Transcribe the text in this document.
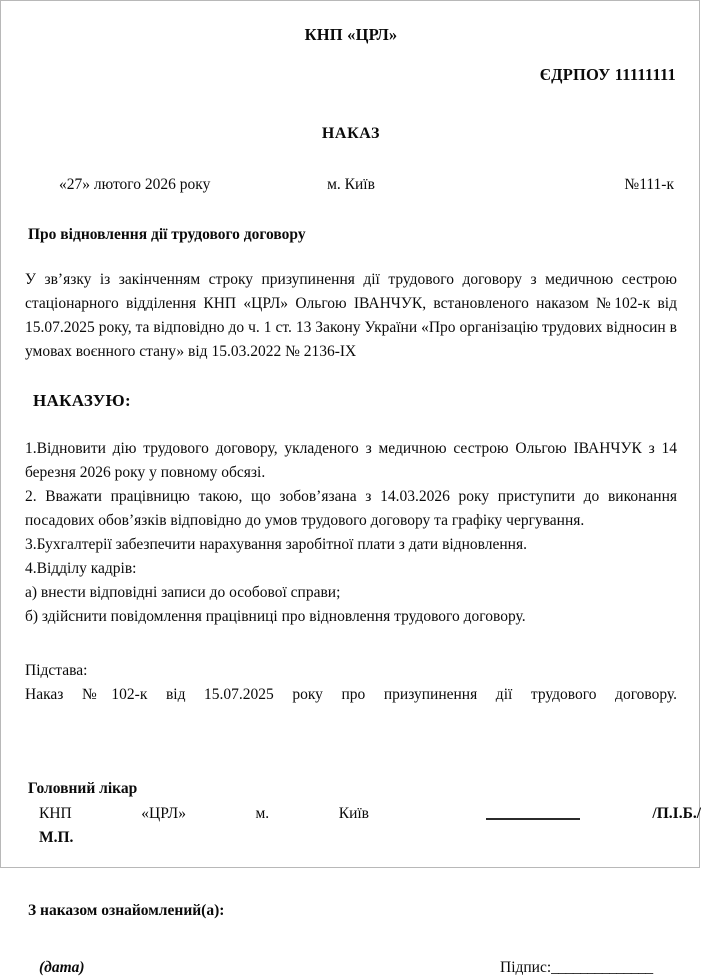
КНП «ЦРЛ»
ЄДРПОУ 11111111
НАКАЗ
«27» лютого 2026 року	м. Київ	№111-к
Про відновлення дії трудового договору

У зв’язку із закінченням строку призупинення дії трудового договору з медичною сестрою стаціонарного відділення КНП «ЦРЛ» Ольгою ІВАНЧУК, встановленого наказом №102-к від 15.07.2025 року, та відповідно до ч. 1 ст. 13 Закону України «Про організацію трудових відносин в умовах воєнного стану» від 15.03.2022 № 2136-IX

НАКАЗУЮ:

1.Відновити дію трудового договору, укладеного з медичною сестрою Ольгою ІВАНЧУК з 14 березня 2026 року у повному обсязі.

2. Вважати працівницю такою, що зобов’язана з 14.03.2026 року приступити до виконання посадових обов’язків відповідно до умов трудового договору та графіку чергування.

3.Бухгалтерії забезпечити нарахування заробітної плати з дати відновлення.

4.Відділу кадрів:

а) внести відповідні записи до особової справи;

б) здійснити повідомлення працівниці про відновлення трудового договору.

Підстава:
Наказ №102-к від 15.07.2025 року про призупинення дії трудового договору.
Головний лікар
КНП «ЦРЛ» м. Київ	/П.І.Б./
М.П.
З наказом ознайомлений(а):
(дата)	Підпис:______________
